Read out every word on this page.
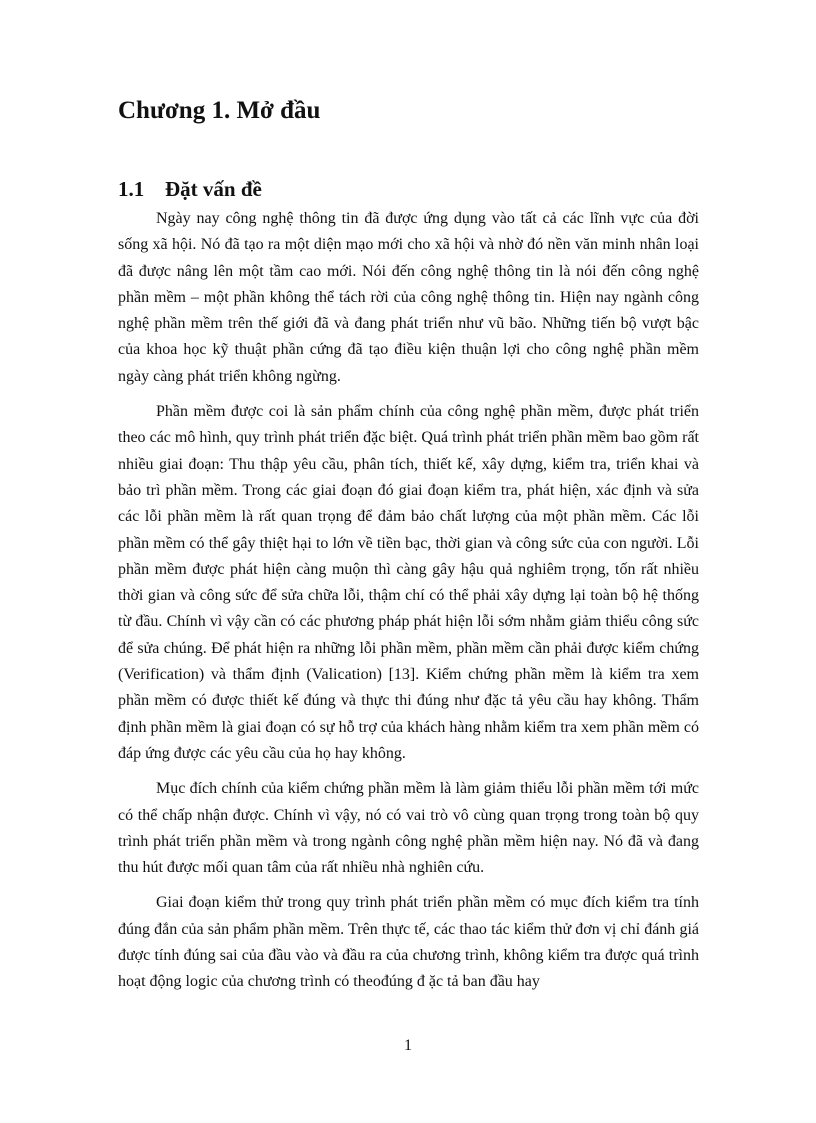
Chương 1. Mở đầu
1.1 Đặt vấn đề

Ngày nay công nghệ thông tin đã được ứng dụng vào tất cả các lĩnh vực của đời sống xã hội. Nó đã tạo ra một diện mạo mới cho xã hội và nhờ đó nền văn minh nhân loại đã được nâng lên một tầm cao mới. Nói đến công nghệ thông tin là nói đến công nghệ phần mềm – một phần không thể tách rời của công nghệ thông tin. Hiện nay ngành công nghệ phần mềm trên thế giới đã và đang phát triển như vũ bão. Những tiến bộ vượt bậc của khoa học kỹ thuật phần cứng đã tạo điều kiện thuận lợi cho công nghệ phần mềm ngày càng phát triển không ngừng.

Phần mềm được coi là sản phẩm chính của công nghệ phần mềm, được phát triển theo các mô hình, quy trình phát triển đặc biệt. Quá trình phát triển phần mềm bao gồm rất nhiều giai đoạn: Thu thập yêu cầu, phân tích, thiết kế, xây dựng, kiểm tra, triển khai và bảo trì phần mềm. Trong các giai đoạn đó giai đoạn kiểm tra, phát hiện, xác định và sửa các lỗi phần mềm là rất quan trọng để đảm bảo chất lượng của một phần mềm. Các lỗi phần mềm có thể gây thiệt hại to lớn về tiền bạc, thời gian và công sức của con người. Lỗi phần mềm được phát hiện càng muộn thì càng gây hậu quả nghiêm trọng, tốn rất nhiều thời gian và công sức để sửa chữa lỗi, thậm chí có thể phải xây dựng lại toàn bộ hệ thống từ đầu. Chính vì vậy cần có các phương pháp phát hiện lỗi sớm nhằm giảm thiểu công sức để sửa chúng. Để phát hiện ra những lỗi phần mềm, phần mềm cần phải được kiểm chứng (Verification) và thẩm định (Valication) [13]. Kiểm chứng phần mềm là kiểm tra xem phần mềm có được thiết kế đúng và thực thi đúng như đặc tả yêu cầu hay không. Thẩm định phần mềm là giai đoạn có sự hỗ trợ của khách hàng nhằm kiểm tra xem phần mềm có đáp ứng được các yêu cầu của họ hay không.

Mục đích chính của kiểm chứng phần mềm là làm giảm thiểu lỗi phần mềm tới mức có thể chấp nhận được. Chính vì vậy, nó có vai trò vô cùng quan trọng trong toàn bộ quy trình phát triển phần mềm và trong ngành công nghệ phần mềm hiện nay. Nó đã và đang thu hút được mối quan tâm của rất nhiều nhà nghiên cứu.

Giai đoạn kiểm thử trong quy trình phát triển phần mềm có mục đích kiểm tra tính đúng đắn của sản phẩm phần mềm. Trên thực tế, các thao tác kiểm thử đơn vị chỉ đánh giá được tính đúng sai của đầu vào và đầu ra của chương trình, không kiểm tra được quá trình hoạt động logic của chương trình có theođúng đ ặc tả ban đầu hay

1
